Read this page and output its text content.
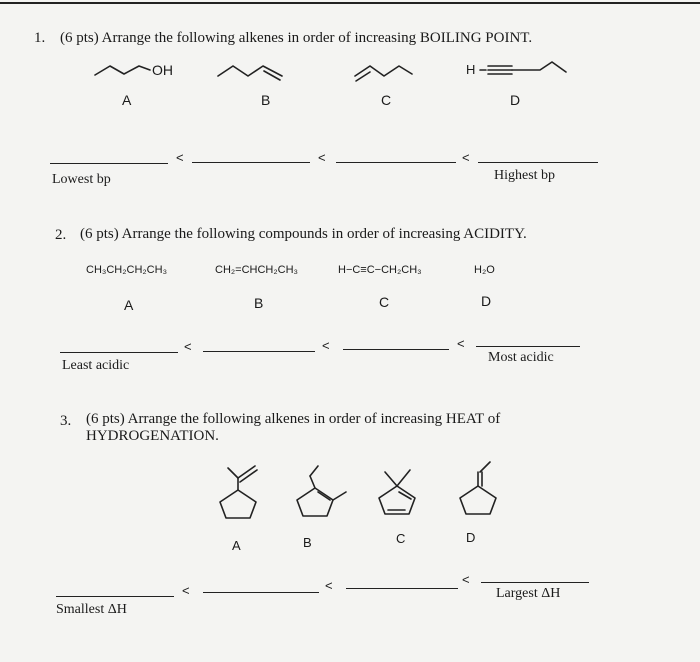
1. (6 pts) Arrange the following alkenes in order of increasing BOILING POINT.
OH	H
A	B	C	D
<	<	<
Lowest bp	Highest bp
2. (6 pts) Arrange the following compounds in order of increasing ACIDITY.
CH₃CH₂CH₂CH₃	CH₂=CHCH₂CH₃	H−C≡C−CH₂CH₃	H₂O
A	B	C	D
<	<	<
Least acidic
Most acidic
3. (6 pts) Arrange the following alkenes in order of increasing HEAT of
HYDROGENATION.
A	B	C	D
<	<	<
Smallest ΔH
Largest ΔH
